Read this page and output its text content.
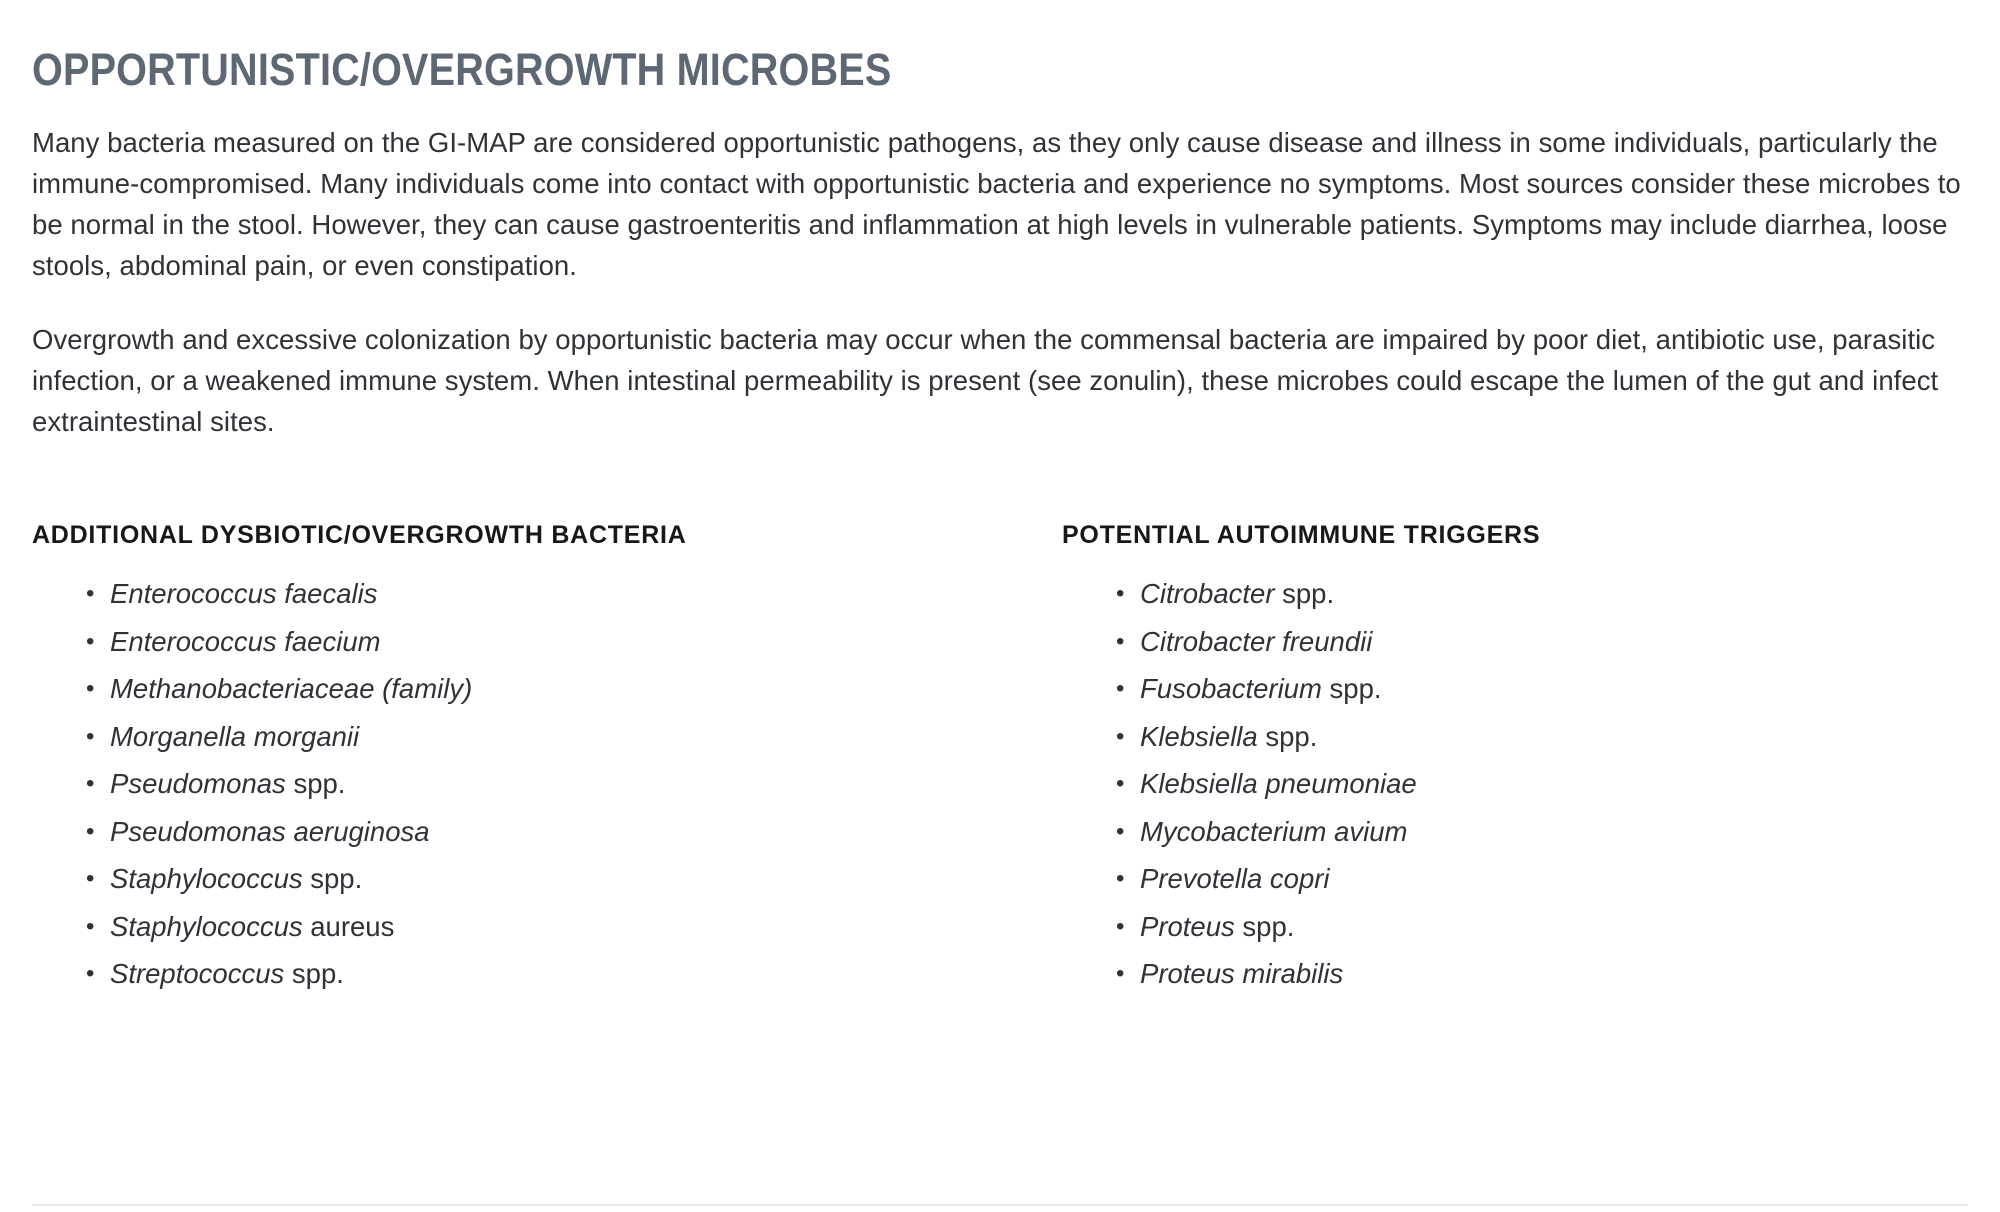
OPPORTUNISTIC/OVERGROWTH MICROBES

Many bacteria measured on the GI-MAP are considered opportunistic pathogens, as they only cause disease and illness in some individuals, particularly the immune-compromised. Many individuals come into contact with opportunistic bacteria and experience no symptoms. Most sources consider these microbes to be normal in the stool. However, they can cause gastroenteritis and inflammation at high levels in vulnerable patients. Symptoms may include diarrhea, loose stools, abdominal pain, or even constipation.

Overgrowth and excessive colonization by opportunistic bacteria may occur when the commensal bacteria are impaired by poor diet, antibiotic use, parasitic infection, or a weakened immune system. When intestinal permeability is present (see zonulin), these microbes could escape the lumen of the gut and infect extraintestinal sites.

ADDITIONAL DYSBIOTIC/OVERGROWTH BACTERIA
• Enterococcus faecalis
• Enterococcus faecium
• Methanobacteriaceae (family)
• Morganella morganii
• Pseudomonas spp.
• Pseudomonas aeruginosa
• Staphylococcus spp.
• Staphylococcus aureus
• Streptococcus spp.
POTENTIAL AUTOIMMUNE TRIGGERS
• Citrobacter spp.
• Citrobacter freundii
• Fusobacterium spp.
• Klebsiella spp.
• Klebsiella pneumoniae
• Mycobacterium avium
• Prevotella copri
• Proteus spp.
• Proteus mirabilis
